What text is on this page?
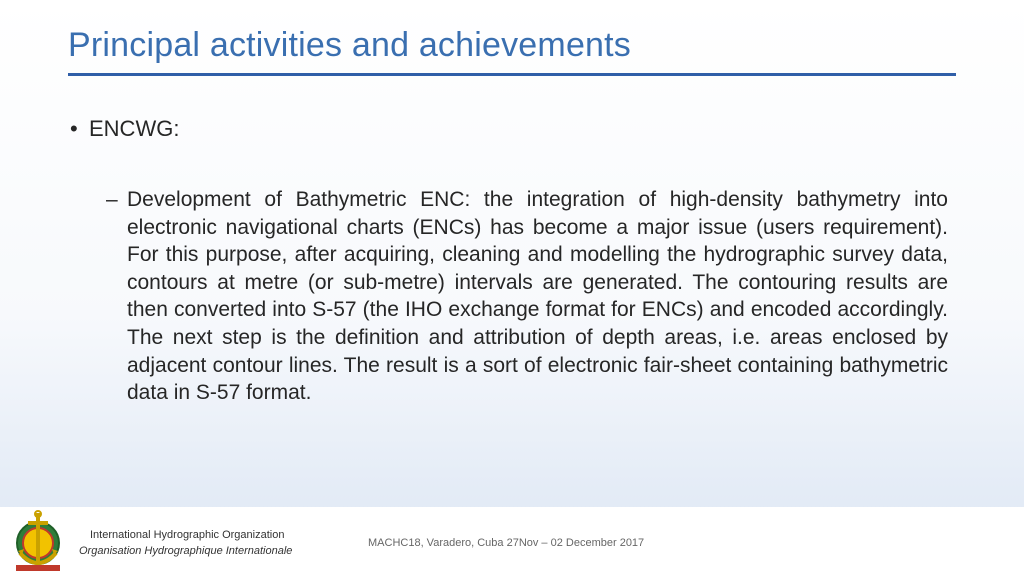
Principal activities and achievements
• ENCWG:
– Development of Bathymetric ENC: the integration of high-density bathymetry into electronic navigational charts (ENCs) has become a major issue (users requirement). For this purpose, after acquiring, cleaning and modelling the hydrographic survey data, contours at metre (or sub-metre) intervals are generated. The contouring results are then converted into S-57 (the IHO exchange format for ENCs) and encoded accordingly. The next step is the definition and attribution of depth areas, i.e. areas enclosed by adjacent contour lines. The result is a sort of electronic fair-sheet containing bathymetric data in S-57 format.
International Hydrographic Organization
Organisation Hydrographique Internationale
MACHC18, Varadero, Cuba 27Nov – 02 December 2017
